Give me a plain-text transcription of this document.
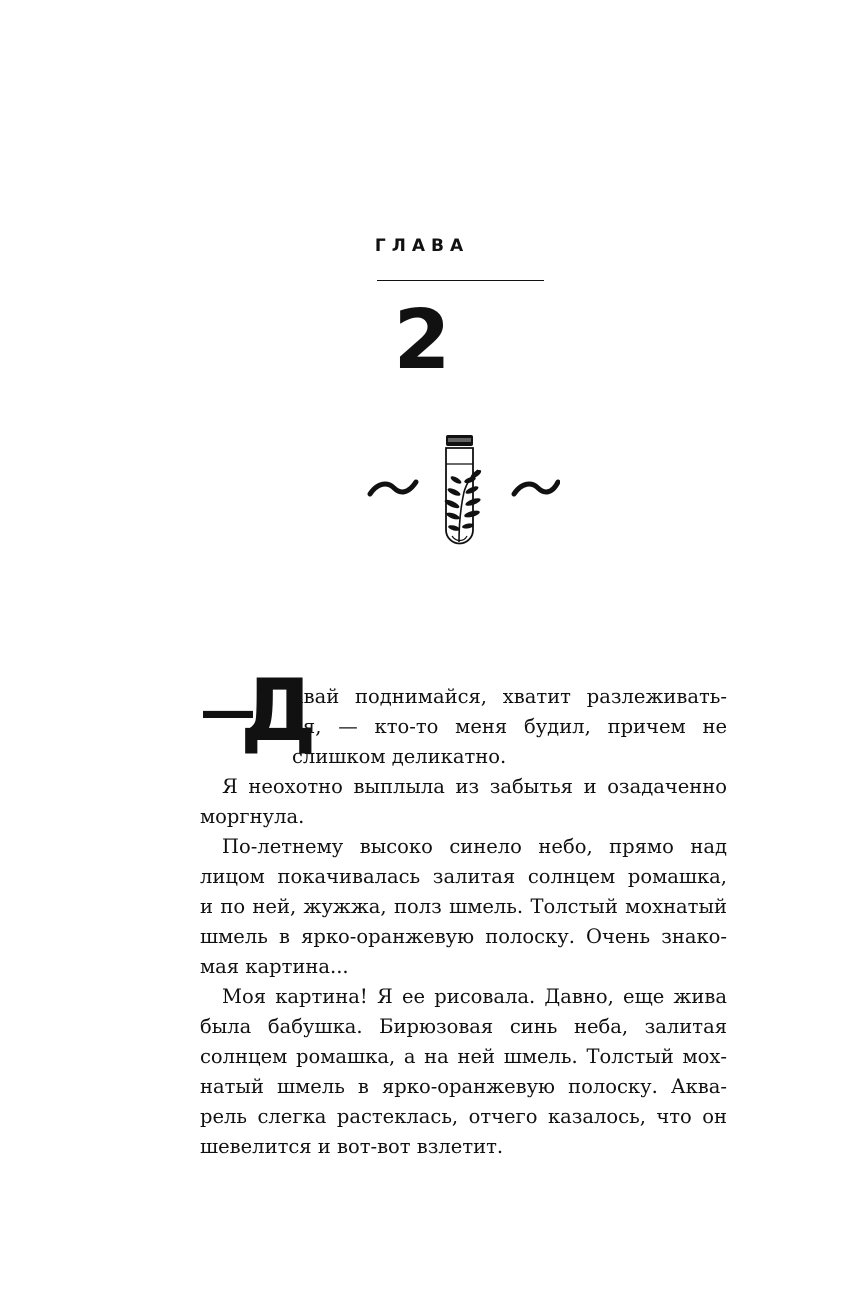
ГЛАВА
2
—
Д
авай поднимайся, хватит разлеживать-
ся, — кто-то меня будил, причем не
слишком деликатно.
Я неохотно выплыла из забытья и озадаченно
моргнула.
По-летнему высоко синело небо, прямо над
лицом покачивалась залитая солнцем ромашка,
и по ней, жужжа, полз шмель. Толстый мохнатый
шмель в ярко-оранжевую полоску. Очень знако-
мая картина...
Моя картина! Я ее рисовала. Давно, еще жива
была бабушка. Бирюзовая синь неба, залитая
солнцем ромашка, а на ней шмель. Толстый мох-
натый шмель в ярко-оранжевую полоску. Аква-
рель слегка растеклась, отчего казалось, что он
шевелится и вот-вот взлетит.
